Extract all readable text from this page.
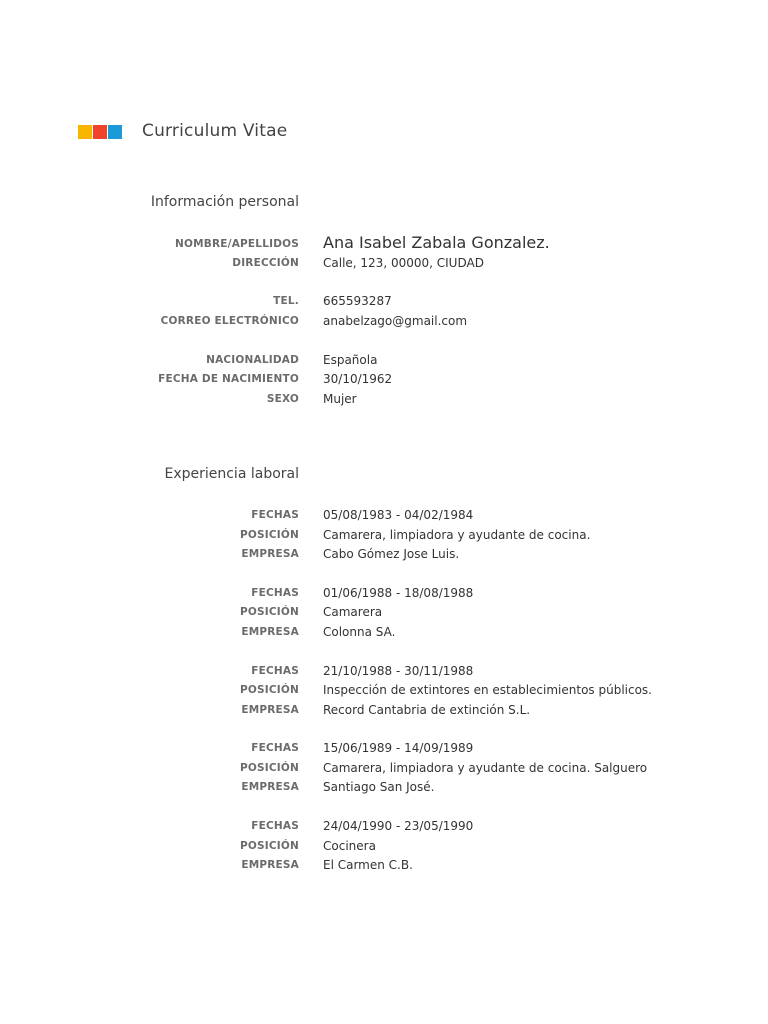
Curriculum Vitae
Información personal
NOMBRE/APELLIDOS Ana Isabel Zabala Gonzalez.
DIRECCIÓN Calle, 123, 00000, CIUDAD
TEL. 665593287
CORREO ELECTRÓNICO anabelzago@gmail.com
NACIONALIDAD Española
FECHA DE NACIMIENTO 30/10/1962
SEXO Mujer
Experiencia laboral
FECHAS 05/08/1983 - 04/02/1984
POSICIÓN Camarera, limpiadora y ayudante de cocina.
EMPRESA Cabo Gómez Jose Luis.
FECHAS 01/06/1988 - 18/08/1988
POSICIÓN Camarera
EMPRESA Colonna SA.
FECHAS 21/10/1988 - 30/11/1988
POSICIÓN Inspección de extintores en establecimientos públicos.
EMPRESA Record Cantabria de extinción S.L.
FECHAS 15/06/1989 - 14/09/1989
POSICIÓN Camarera, limpiadora y ayudante de cocina. Salguero
EMPRESA Santiago San José.
FECHAS 24/04/1990 - 23/05/1990
POSICIÓN Cocinera
EMPRESA El Carmen C.B.
